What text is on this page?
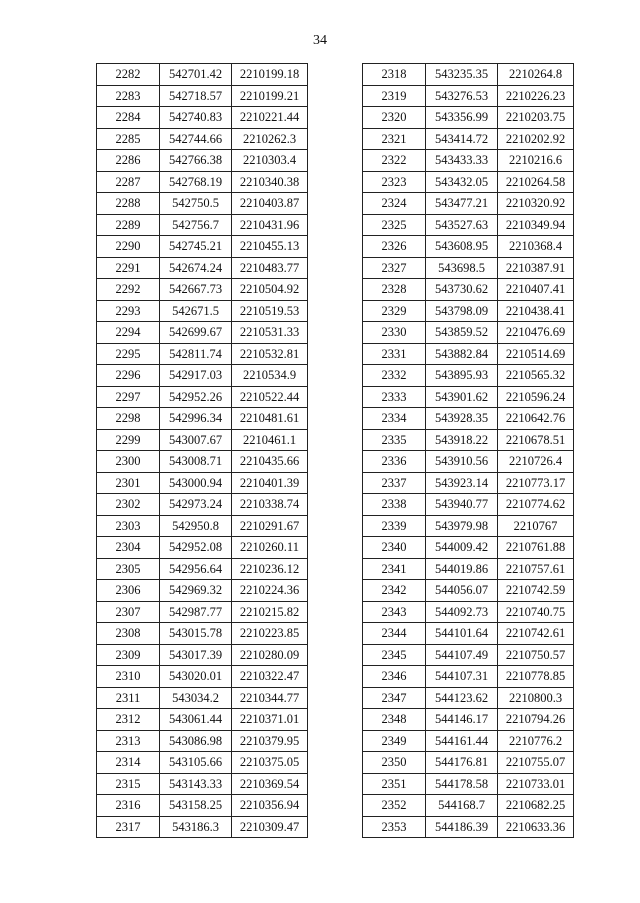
34
2282	542701.42	2210199.18
2283	542718.57	2210199.21
2284	542740.83	2210221.44
2285	542744.66	2210262.3
2286	542766.38	2210303.4
2287	542768.19	2210340.38
2288	542750.5	2210403.87
2289	542756.7	2210431.96
2290	542745.21	2210455.13
2291	542674.24	2210483.77
2292	542667.73	2210504.92
2293	542671.5	2210519.53
2294	542699.67	2210531.33
2295	542811.74	2210532.81
2296	542917.03	2210534.9
2297	542952.26	2210522.44
2298	542996.34	2210481.61
2299	543007.67	2210461.1
2300	543008.71	2210435.66
2301	543000.94	2210401.39
2302	542973.24	2210338.74
2303	542950.8	2210291.67
2304	542952.08	2210260.11
2305	542956.64	2210236.12
2306	542969.32	2210224.36
2307	542987.77	2210215.82
2308	543015.78	2210223.85
2309	543017.39	2210280.09
2310	543020.01	2210322.47
2311	543034.2	2210344.77
2312	543061.44	2210371.01
2313	543086.98	2210379.95
2314	543105.66	2210375.05
2315	543143.33	2210369.54
2316	543158.25	2210356.94
2317	543186.3	2210309.47
2318	543235.35	2210264.8
2319	543276.53	2210226.23
2320	543356.99	2210203.75
2321	543414.72	2210202.92
2322	543433.33	2210216.6
2323	543432.05	2210264.58
2324	543477.21	2210320.92
2325	543527.63	2210349.94
2326	543608.95	2210368.4
2327	543698.5	2210387.91
2328	543730.62	2210407.41
2329	543798.09	2210438.41
2330	543859.52	2210476.69
2331	543882.84	2210514.69
2332	543895.93	2210565.32
2333	543901.62	2210596.24
2334	543928.35	2210642.76
2335	543918.22	2210678.51
2336	543910.56	2210726.4
2337	543923.14	2210773.17
2338	543940.77	2210774.62
2339	543979.98	2210767
2340	544009.42	2210761.88
2341	544019.86	2210757.61
2342	544056.07	2210742.59
2343	544092.73	2210740.75
2344	544101.64	2210742.61
2345	544107.49	2210750.57
2346	544107.31	2210778.85
2347	544123.62	2210800.3
2348	544146.17	2210794.26
2349	544161.44	2210776.2
2350	544176.81	2210755.07
2351	544178.58	2210733.01
2352	544168.7	2210682.25
2353	544186.39	2210633.36
